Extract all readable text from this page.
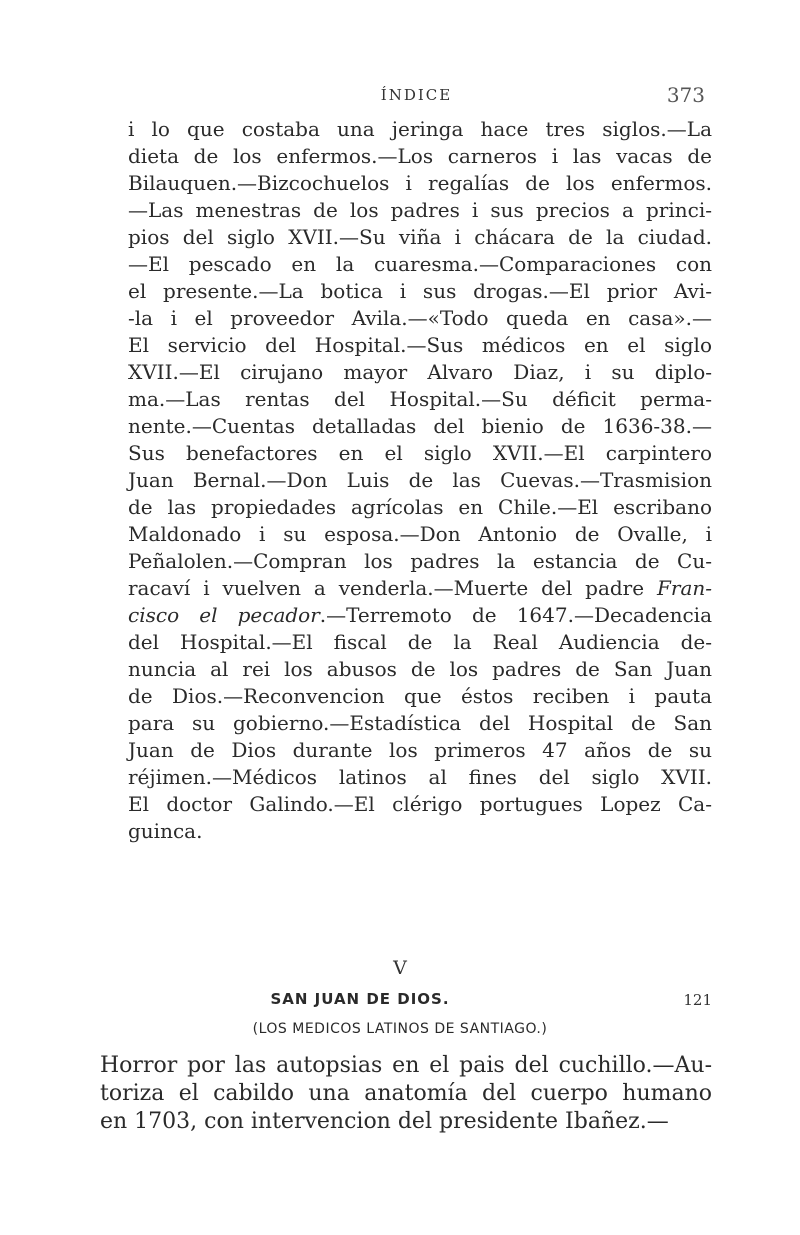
ÍNDICE	373
i lo que costaba una jeringa hace tres siglos.—La
dieta de los enfermos.—Los carneros i las vacas de
Bilauquen.—Bizcochuelos i regalías de los enfermos.
—Las menestras de los padres i sus precios a princi-
pios del siglo XVII.—Su viña i chácara de la ciudad.
—El pescado en la cuaresma.—Comparaciones con
el presente.—La botica i sus drogas.—El prior Avi-
-la i el proveedor Avila.—«Todo queda en casa».—
El servicio del Hospital.—Sus médicos en el siglo
XVII.—El cirujano mayor Alvaro Diaz, i su diplo-
ma.—Las rentas del Hospital.—Su déficit perma-
nente.—Cuentas detalladas del bienio de 1636-38.—
Sus benefactores en el siglo XVII.—El carpintero
Juan Bernal.—Don Luis de las Cuevas.—Trasmision
de las propiedades agrícolas en Chile.—El escribano
Maldonado i su esposa.—Don Antonio de Ovalle, i
Peñalolen.—Compran los padres la estancia de Cu-
racaví i vuelven a venderla.—Muerte del padre Fran-
cisco el pecador.—Terremoto de 1647.—Decadencia
del Hospital.—El fiscal de la Real Audiencia de-
nuncia al rei los abusos de los padres de San Juan
de Dios.—Reconvencion que éstos reciben i pauta
para su gobierno.—Estadística del Hospital de San
Juan de Dios durante los primeros 47 años de su
réjimen.—Médicos latinos al fines del siglo XVII.
El doctor Galindo.—El clérigo portugues Lopez Ca-
guinca.
V
SAN JUAN DE DIOS.	121
(LOS MEDICOS LATINOS DE SANTIAGO.)
Horror por las autopsias en el pais del cuchillo.—Au-
toriza el cabildo una anatomía del cuerpo humano
en 1703, con intervencion del presidente Ibañez.—
